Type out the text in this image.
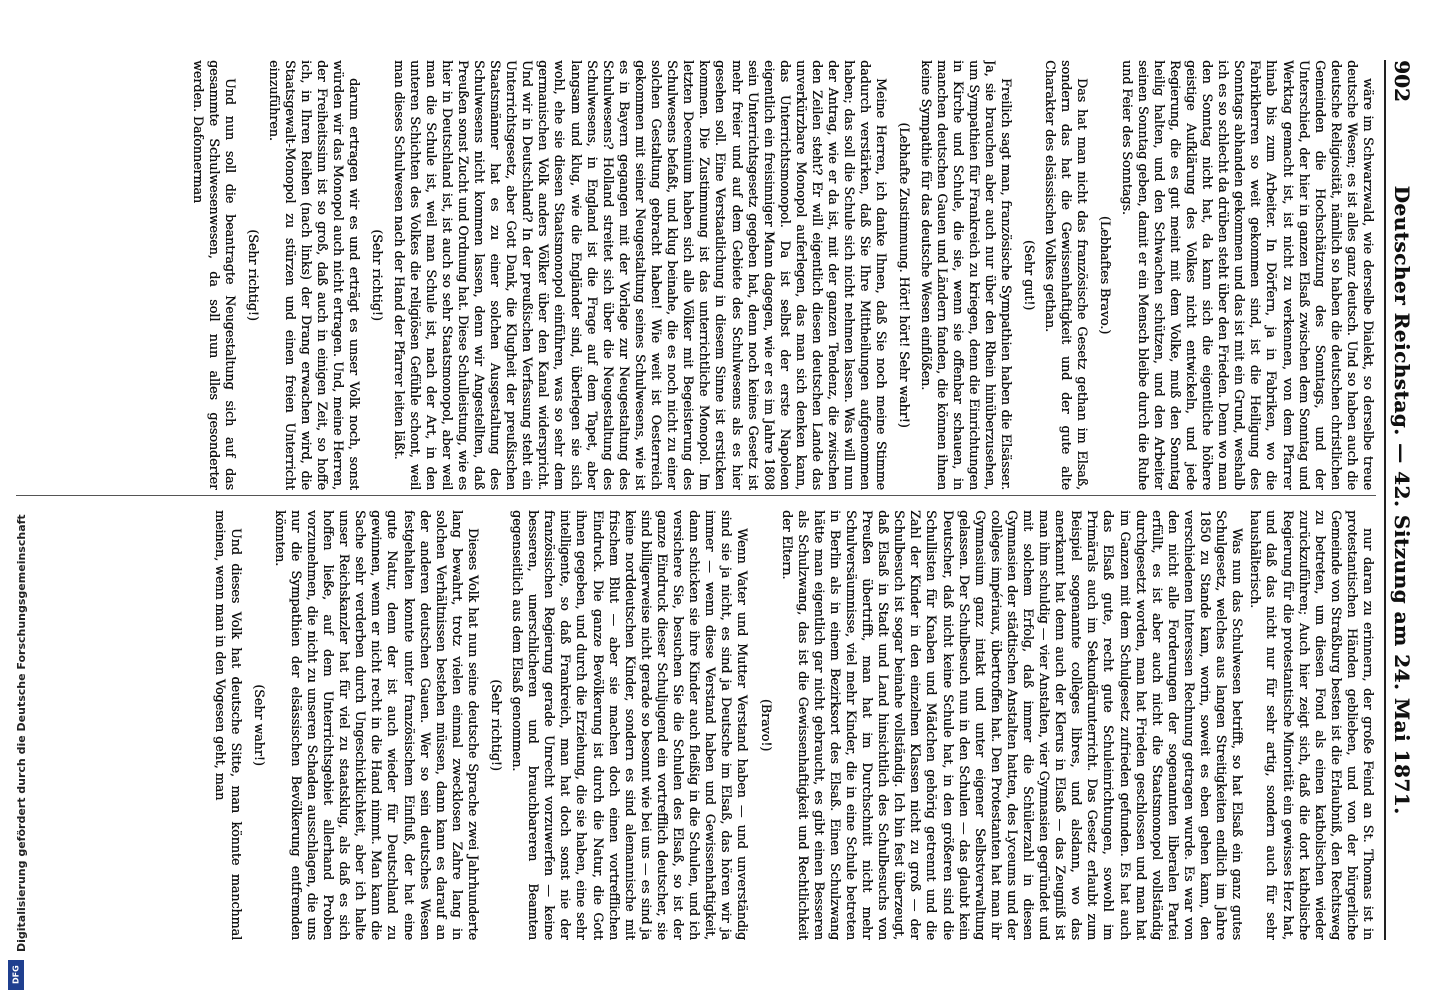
902
Deutscher Reichstag. — 42. Sitzung am 24. Mai 1871.

wäre im Schwarzwald, wie derselbe Dialekt, so derselbe treue deutsche Wesen; es ist alles ganz deutsch. Und so haben auch die deutsche Religiosität, nämlich so haben die deutschen christlichen Gemeinden die Hochschätzung des Sonntags, und der Unterschied, der hier in ganzen Elsaß zwischen dem Sonntag und Werktag gemacht ist, ist nicht zu verkennen, von dem Pfarrer hinab bis zum Arbeiter. In Dörfern, ja in Fabriken, wo die Fabrikherren so weit gekommen sind, ist die Heiligung des Sonntags abhanden gekommen und das ist mit ein Grund, weshalb ich es so schlecht da drüben steht über den Frieden. Denn wo man den Sonntag nicht hat, da kann sich die eigentliche höhere geistige Aufklärung des Volkes nicht entwickeln, und jede Regierung, die es gut meint mit dem Volke, muß den Sonntag heilig halten, und den Schwachen schützen, und den Arbeiter seinen Sonntag geben, damit er ein Mensch bleibe durch die Ruhe und Feier des Sonntags.

(Lebhaftes Bravo.)

Das hat man nicht das französische Gesetz gethan im Elsaß, sondern das hat die Gewissenhaftigkeit und der gute alte Charakter des elsässischen Volkes gethan.

(Sehr gut!)

Freilich sagt man, französische Sympathien haben die Elsässer. Ja, sie brauchen aber auch nur über den Rhein hinüberzusehen, um Sympathien für Frankreich zu kriegen, denn die Einrichtungen in Kirche und Schule, die sie, wenn sie offenbar schauen, in manchen deutschen Gauen und Ländern fanden, die können ihnen keine Sympathie für das deutsche Wesen einflößen.

(Lebhafte Zustimmung. Hört! hört! Sehr wahr!)

Meine Herren, ich danke Ihnen, daß Sie noch meine Stimme dadurch verstärken, daß Sie Ihre Mittheilungen aufgenommen haben; das soll die Schule sich nicht nehmen lassen. Was will nun der Antrag, wie er da ist, mit der ganzen Tendenz, die zwischen den Zeilen steht? Er will eigentlich diesen deutschen Lande das unverkürzbare Monopol auferlegen, das man sich denken kann, das Unterrichtsmonopol. Da ist selbst der erste Napoleon eigentlich ein freisinniger Mann dagegen, wie er es im Jahre 1808 sein Unterrichtsgesetz gegeben hat, denn noch keines Gesetz ist mehr freier und auf dem Gebiete des Schulwesens als es hier gesehen soll. Eine Verstaatlichung in diesem Sinne ist ersticken kommen. Die Zustimmung ist das unterrichtliche Monopol. Im letzten Decennium haben sich alle Völker mit Begeisterung des Schulwesens befaßt, und klug beinahe, die es noch nicht zu einer solchen Gestaltung gebracht haben! Wie weit ist Oesterreich gekommen mit seiner Neugestaltung seines Schulwesens, wie ist es in Bayern gegangen mit der Vorlage zur Neugestaltung des Schulwesens? Holland streitet sich über die Neugestaltung des Schulwesens, in England ist die Frage auf dem Tapet, aber langsam und klug, wie die Engländer sind, überlegen sie sich wohl, ehe sie diesen Staatsmonopol einführen, was so sehr dem germanischen Volk anders Völker über den Kanal widerspricht. Und wir in Deutschland? In der preußischen Verfassung steht ein Unterrichtsgesetz, aber Gott Dank, die Klugheit der preußischen Staatsmänner hat es zu einer solchen Ausgestaltung des Schulwesens nicht kommen lassen, denn wir Angestellten, daß Preußen sonst Zucht und Ordnung hat. Diese Schulleistung, wie es hier in Deutschland ist, ist auch so sehr Staatsmonopol, aber weil man die Schule ist, weil man Schule ist, nach der Art, in den unteren Schichten des Volkes die religiösen Gefühle schont, weil man dieses Schulwesen nach der Hand der Pfarrer leiten läßt.

(Sehr richtig!)

darum ertragen wir es und erträgt es unser Volk noch, sonst würden wir das Monopol auch nicht ertragen. Und, meine Herren, der Freiheitssinn ist so groß, daß auch in einigen Zeit, so hoffe ich, in Ihren Reihen (nach links) der Drang erwachen wird, die Staatsgewalt-Monopol zu stürzen und einen freien Unterricht einzuführen.

(Sehr richtig!)

Und nun soll die beantragte Neugestaltung sich auf das gesammte Schulwesenwesen, da soll nun alles gesonderter werden. Dafonnerman

nur daran zu erinnern, der große Feind an St. Thomas ist in protestantischen Händen geblieben, und von der bürgerliche Gemeinde von Straßburg besten ist die Erlaubniß, den Rechtsweg zu betreten, um diesen Fond als einen katholischen wieder zurückzuführen; Auch hier zeigt sich, daß die dort katholische Regierung für die protestantische Minorität ein gewisses Herz hat, und daß das nicht nur für sehr artig, sondern auch für sehr haushälterisch.

Was nun das Schulwesen betrifft, so hat Elsaß ein ganz gutes Schulgesetz, welches aus langen Streitigkeiten endlich im Jahre 1850 zu Stande kam, worin, soweit es eben gehen kann, den verschiedenen Interessen Rechnung getragen wurde. Es war von den nicht alle Forderungen der sogenannten liberalen Partei erfüllt, es ist aber auch nicht die Staatsmonopol vollständig durchgesetzt worden, man hat Frieden geschlossen und man hat im Ganzen mit dem Schulgesetz zufrieden gefunden. Es hat auch das Elsaß gute, recht gute Schuleinrichtungen, sowohl im Primärals auch im Sekundärunterricht. Das Gesetz erlaubt zum Beispiel sogenannte collèges libres, und alsdann, wo das anerkannt hat denn auch der Klerus in Elsaß — das Zeugniß ist man ihm schuldig — vier Anstalten, vier Gymnasien gegründet und mit solchem Erfolg, daß immer die Schülerzahl in diesen Gymnasien der städtischen Anstalten hatten, des Lyceums und der collèges impériaux, übertroffen hat. Den Protestanten hat man ihr Gymnasium ganz intakt und unter eigener Selbstverwaltung gelassen. Der Schulbesuch nun in den Schulen — das glaubt kein Deutscher, daß nicht keine Schule hat, in den größeren sind die Schullisten für Knaben und Mädchen gehörig getrennt und die Zahl der Kinder in den einzelnen Klassen nicht zu groß — der Schulbesuch ist sogar beinahe vollständig. Ich bin fest überzeugt, daß Elsaß in Stadt und Land hinsichtlich des Schulbesuchs von Preußen übertrifft, man hat im Durchschnitt nicht mehr Schulversäumnisse, viel mehr Kinder, die in eine Schule betreten in Berlin als in einem Bezirksort des Elsaß. Einen Schulzwang hätte man eigentlich gar nicht gebraucht, es gibt einen Besseren als Schulzwang, das ist die Gewissenhaftigkeit und Rechtlichkeit der Eltern.

(Bravo!)

Wenn Vater und Mutter Verstand haben — und unverständig sind sie ja nicht, es sind ja Deutsche im Elsaß, das hören wir ja immer — wenn diese Verstand haben und Gewissenhaftigkeit, dann schicken sie ihre Kinder auch fleißig in die Schulen, und ich versichere Sie, besuchen Sie die Schulen des Elsaß, so ist der ganze Eindruck dieser Schuljugend ein vortrefflich deutscher, sie sind billigerweise nicht gerade so besonnt wie bei uns — es sind ja keine norddeutschen Kinder, sondern es sind alemannische mit frischem Blut — aber sie machen doch einen vortrefflichen Eindruck. Die ganze Bevölkerung ist durch die Natur, die Gott ihnen gegeben, und durch die Erziehung, die sie haben, eine sehr intelligente, so daß Frankreich, man hat doch sonst nie der französischen Regierung gerade Unrecht vorzuwerfen — keine besseren, unerschlicheren und brauchbareren Beamten gegenseitlich aus dem Elsaß genommen.

(Sehr richtig!)

Dieses Volk hat nun seine deutsche Sprache zwei Jahrhunderte lang bewahrt, trotz vielen einmal zwecklosen Zahre lang in solchen Verhältnissen bestehen müssen, dann kann es darauf an der anderen deutschen Gauen. Wer so sein deutsches Wesen festgehalten konnte unter französischem Einfluß, der hat eine gute Natur, denn der ist auch wieder für Deutschland zu gewinnen, wenn er nicht recht in die Hand nimmt. Man kann die Sache sehr verderben durch Ungeschicklichkeit, aber ich halte unser Reichskanzler hat für viel zu staatsklug, als daß es sich hoffen ließe, auf dem Unterrichtsgebiet allerhand Proben vorzunehmen, die nicht zu unseren Schaden ausschlagen, die uns nur die Sympathien der elsässischen Bevölkerung entfremden könnten.

(Sehr wahr!)

Und dieses Volk hat deutsche Sitte, man könnte manchmal meinen, wenn man in den Vogesen geht, man

Digitalisierung gefördert durch die Deutsche Forschungsgemeinschaft
DFG
